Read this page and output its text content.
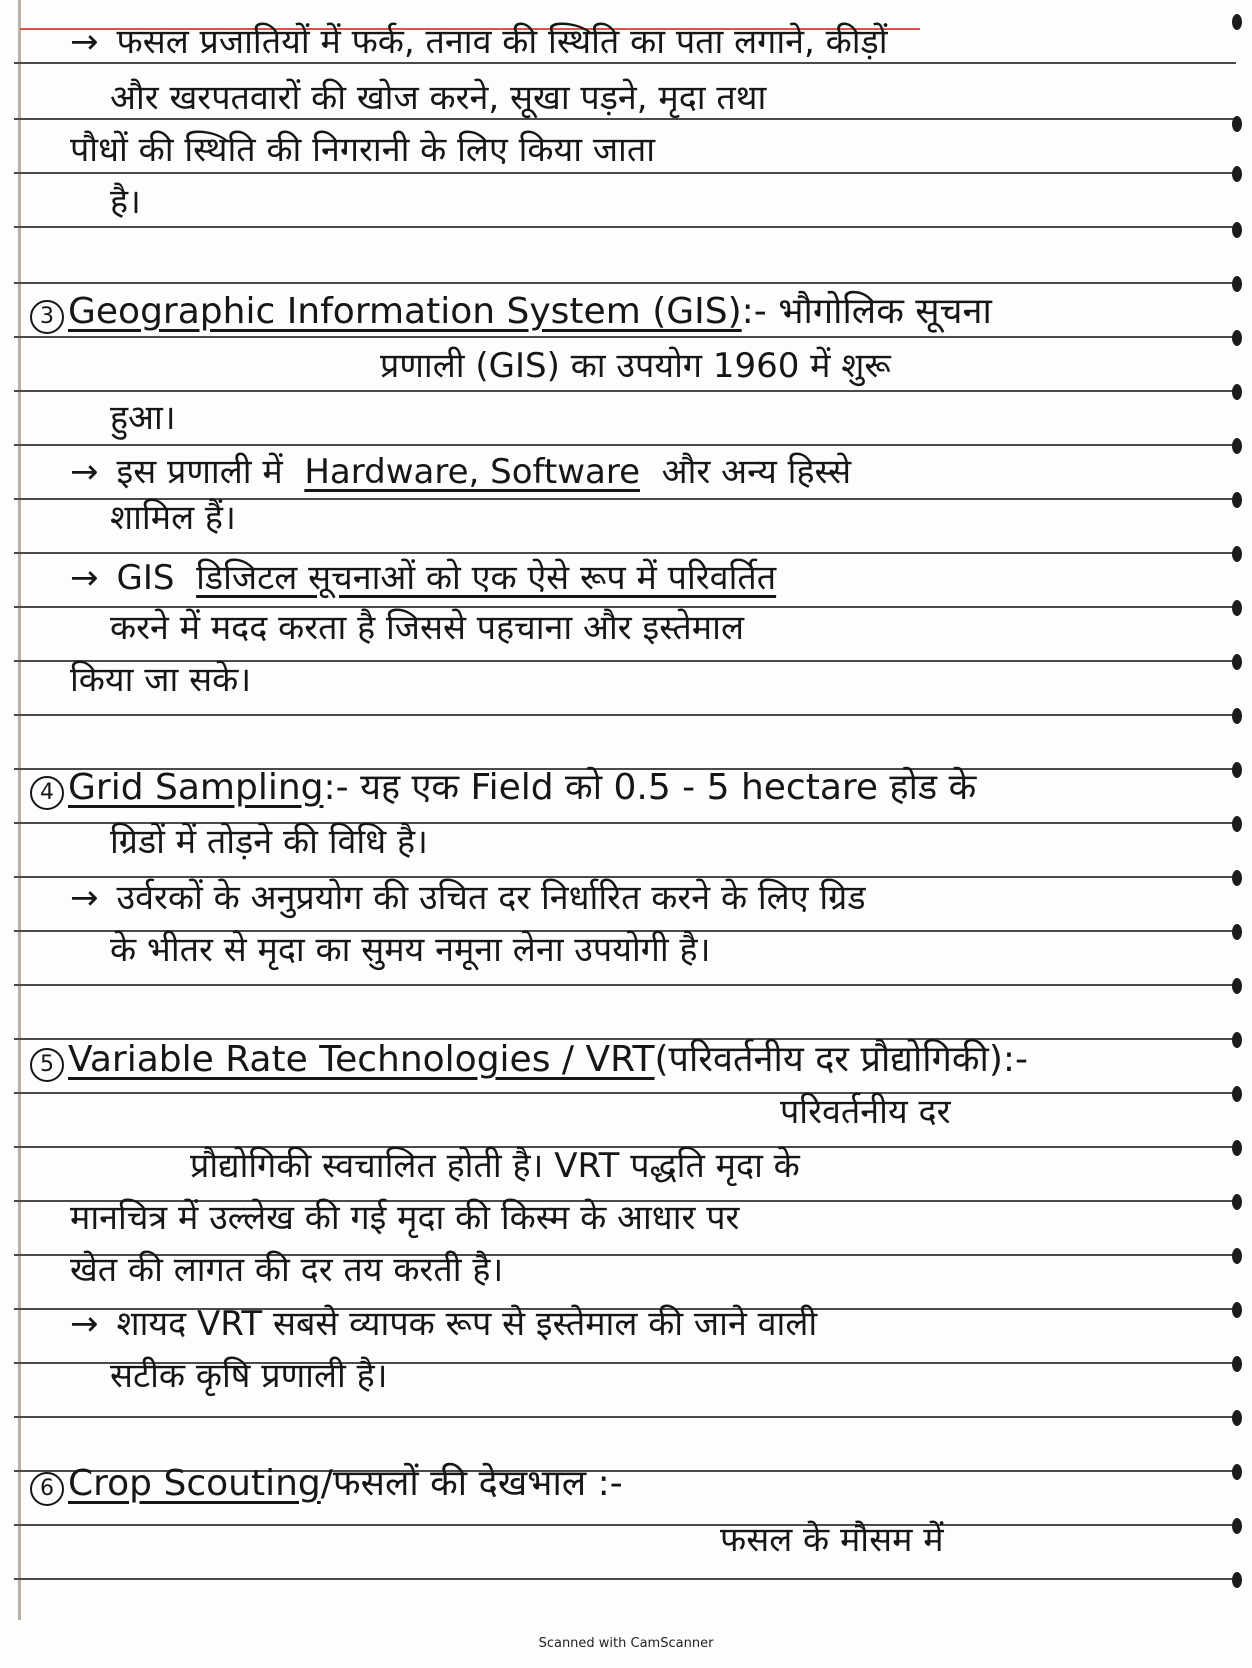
→ फसल प्रजातियों में फर्क, तनाव की स्थिति का पता लगाने, कीड़ों
और खरपतवारों की खोज करने, सूखा पड़ने, मृदा तथा
पौधों की स्थिति की निगरानी के लिए किया जाता
है।
3 Geographic Information System (GIS):- भौगोलिक सूचना
प्रणाली (GIS) का उपयोग 1960 में शुरू
हुआ।
→ इस प्रणाली में Hardware, Software और अन्य हिस्से
शामिल हैं।
→ GIS डिजिटल सूचनाओं को एक ऐसे रूप में परिवर्तित
करने में मदद करता है जिससे पहचाना और इस्तेमाल
किया जा सके।
4 Grid Sampling:- यह एक Field को 0.5 - 5 hectare होड के
ग्रिडों में तोड़ने की विधि है।
→ उर्वरकों के अनुप्रयोग की उचित दर निर्धारित करने के लिए ग्रिड
के भीतर से मृदा का सुमय नमूना लेना उपयोगी है।
5 Variable Rate Technologies / VRT(परिवर्तनीय दर प्रौद्योगिकी):-
परिवर्तनीय दर
प्रौद्योगिकी स्वचालित होती है। VRT पद्धति मृदा के
मानचित्र में उल्लेख की गई मृदा की किस्म के आधार पर
खेत की लागत की दर तय करती है।
→ शायद VRT सबसे व्यापक रूप से इस्तेमाल की जाने वाली
सटीक कृषि प्रणाली है।
6 Crop Scouting/फसलों की देखभाल :-
फसल के मौसम में
Scanned with CamScanner
